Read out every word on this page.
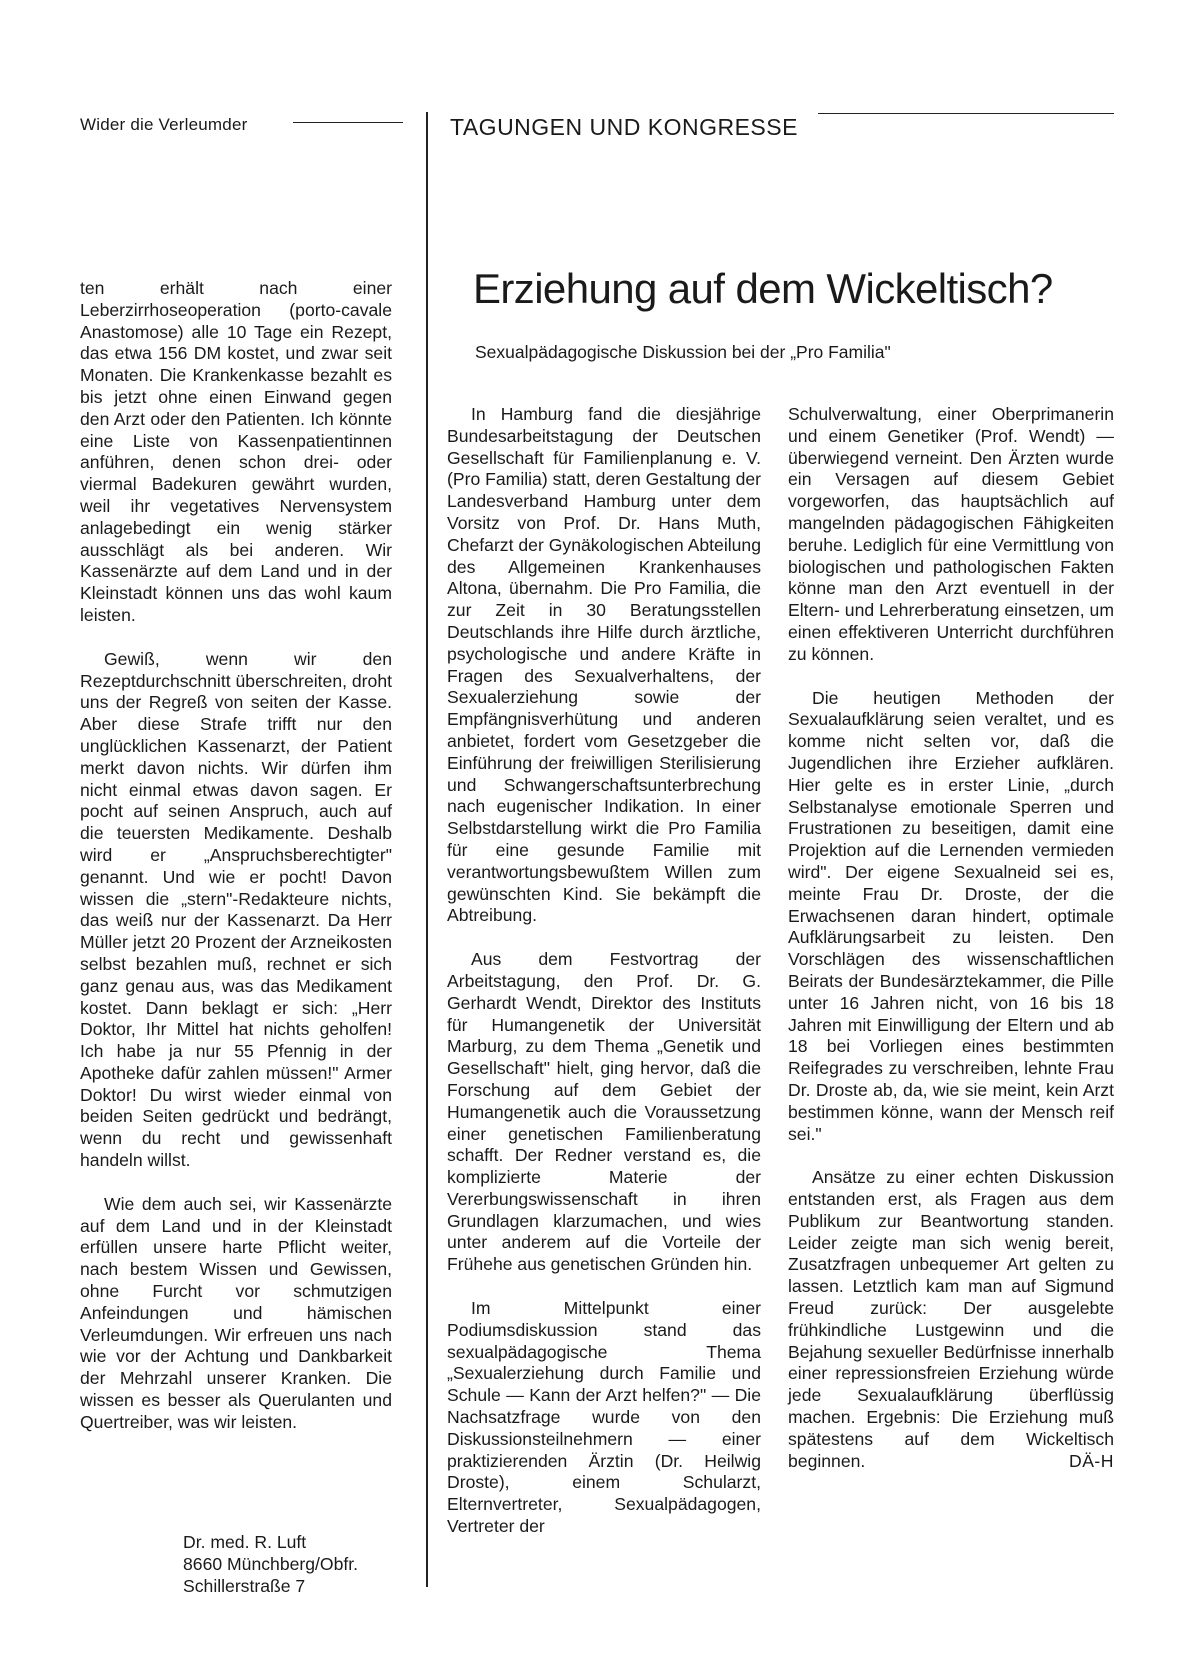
Wider die Verleumder	TAGUNGEN UND KONGRESSE
Erziehung auf dem Wickeltisch?
Sexualpädagogische Diskussion bei der „Pro Familia"

ten erhält nach einer Leberzirrhoseoperation (porto-cavale Anastomose) alle 10 Tage ein Rezept, das etwa 156 DM kostet, und zwar seit Monaten. Die Krankenkasse bezahlt es bis jetzt ohne einen Einwand gegen den Arzt oder den Patienten. Ich könnte eine Liste von Kassenpatientinnen anführen, denen schon drei- oder viermal Badekuren gewährt wurden, weil ihr vegetatives Nervensystem anlagebedingt ein wenig stärker ausschlägt als bei anderen. Wir Kassenärzte auf dem Land und in der Kleinstadt können uns das wohl kaum leisten.

Gewiß, wenn wir den Rezeptdurchschnitt überschreiten, droht uns der Regreß von seiten der Kasse. Aber diese Strafe trifft nur den unglücklichen Kassenarzt, der Patient merkt davon nichts. Wir dürfen ihm nicht einmal etwas davon sagen. Er pocht auf seinen Anspruch, auch auf die teuersten Medikamente. Deshalb wird er „Anspruchsberechtigter" genannt. Und wie er pocht! Davon wissen die „stern"-Redakteure nichts, das weiß nur der Kassenarzt. Da Herr Müller jetzt 20 Prozent der Arzneikosten selbst bezahlen muß, rechnet er sich ganz genau aus, was das Medikament kostet. Dann beklagt er sich: „Herr Doktor, Ihr Mittel hat nichts geholfen! Ich habe ja nur 55 Pfennig in der Apotheke dafür zahlen müssen!" Armer Doktor! Du wirst wieder einmal von beiden Seiten gedrückt und bedrängt, wenn du recht und gewissenhaft handeln willst.

Wie dem auch sei, wir Kassenärzte auf dem Land und in der Kleinstadt erfüllen unsere harte Pflicht weiter, nach bestem Wissen und Gewissen, ohne Furcht vor schmutzigen Anfeindungen und hämischen Verleumdungen. Wir erfreuen uns nach wie vor der Achtung und Dankbarkeit der Mehrzahl unserer Kranken. Die wissen es besser als Querulanten und Quertreiber, was wir leisten.

Dr. med. R. Luft
8660 Münchberg/Obfr.
Schillerstraße 7

In Hamburg fand die diesjährige Bundesarbeitstagung der Deutschen Gesellschaft für Familienplanung e. V. (Pro Familia) statt, deren Gestaltung der Landesverband Hamburg unter dem Vorsitz von Prof. Dr. Hans Muth, Chefarzt der Gynäkologischen Abteilung des Allgemeinen Krankenhauses Altona, übernahm. Die Pro Familia, die zur Zeit in 30 Beratungsstellen Deutschlands ihre Hilfe durch ärztliche, psychologische und andere Kräfte in Fragen des Sexualverhaltens, der Sexualerziehung sowie der Empfängnisverhütung und anderen anbietet, fordert vom Gesetzgeber die Einführung der freiwilligen Sterilisierung und Schwangerschaftsunterbrechung nach eugenischer Indikation. In einer Selbstdarstellung wirkt die Pro Familia für eine gesunde Familie mit verantwortungsbewußtem Willen zum gewünschten Kind. Sie bekämpft die Abtreibung.

Aus dem Festvortrag der Arbeitstagung, den Prof. Dr. G. Gerhardt Wendt, Direktor des Instituts für Humangenetik der Universität Marburg, zu dem Thema „Genetik und Gesellschaft" hielt, ging hervor, daß die Forschung auf dem Gebiet der Humangenetik auch die Voraussetzung einer genetischen Familienberatung schafft. Der Redner verstand es, die komplizierte Materie der Vererbungswissenschaft in ihren Grundlagen klarzumachen, und wies unter anderem auf die Vorteile der Frühehe aus genetischen Gründen hin.

Im Mittelpunkt einer Podiumsdiskussion stand das sexualpädagogische Thema „Sexualerziehung durch Familie und Schule — Kann der Arzt helfen?" — Die Nachsatzfrage wurde von den Diskussionsteilnehmern — einer praktizierenden Ärztin (Dr. Heilwig Droste), einem Schularzt, Elternvertreter, Sexualpädagogen, Vertreter der

Schulverwaltung, einer Oberprimanerin und einem Genetiker (Prof. Wendt) — überwiegend verneint. Den Ärzten wurde ein Versagen auf diesem Gebiet vorgeworfen, das hauptsächlich auf mangelnden pädagogischen Fähigkeiten beruhe. Lediglich für eine Vermittlung von biologischen und pathologischen Fakten könne man den Arzt eventuell in der Eltern- und Lehrerberatung einsetzen, um einen effektiveren Unterricht durchführen zu können.

Die heutigen Methoden der Sexualaufklärung seien veraltet, und es komme nicht selten vor, daß die Jugendlichen ihre Erzieher aufklären. Hier gelte es in erster Linie, „durch Selbstanalyse emotionale Sperren und Frustrationen zu beseitigen, damit eine Projektion auf die Lernenden vermieden wird". Der eigene Sexualneid sei es, meinte Frau Dr. Droste, der die Erwachsenen daran hindert, optimale Aufklärungsarbeit zu leisten. Den Vorschlägen des wissenschaftlichen Beirats der Bundesärztekammer, die Pille unter 16 Jahren nicht, von 16 bis 18 Jahren mit Einwilligung der Eltern und ab 18 bei Vorliegen eines bestimmten Reifegrades zu verschreiben, lehnte Frau Dr. Droste ab, da, wie sie meint, kein Arzt bestimmen könne, wann der Mensch reif sei."

Ansätze zu einer echten Diskussion entstanden erst, als Fragen aus dem Publikum zur Beantwortung standen. Leider zeigte man sich wenig bereit, Zusatzfragen unbequemer Art gelten zu lassen. Letztlich kam man auf Sigmund Freud zurück: Der ausgelebte frühkindliche Lustgewinn und die Bejahung sexueller Bedürfnisse innerhalb einer repressionsfreien Erziehung würde jede Sexualaufklärung überflüssig machen. Ergebnis: Die Erziehung muß spätestens auf dem Wickeltisch beginnen.	DÄ-H
